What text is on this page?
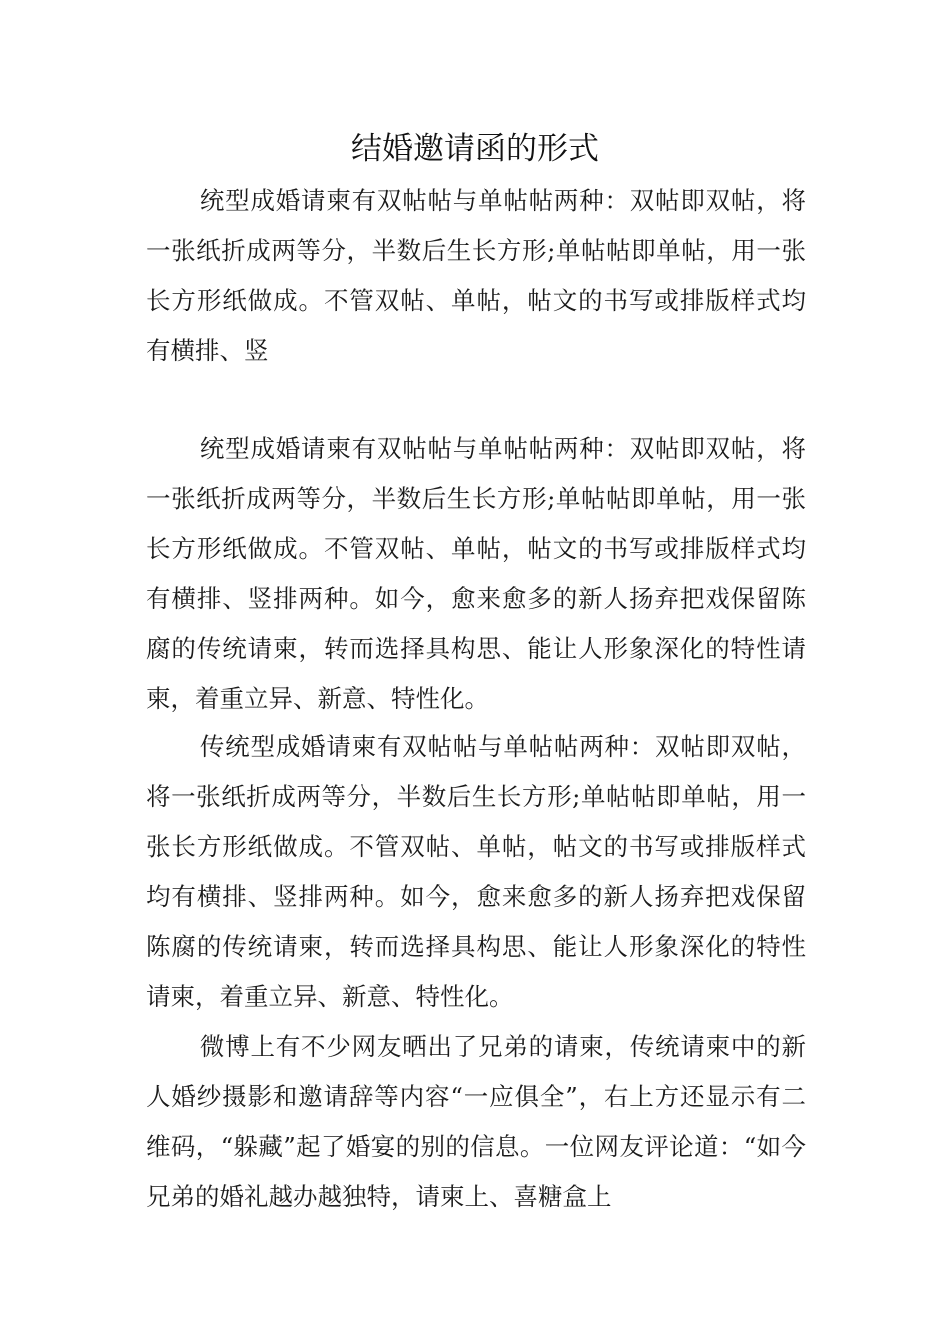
结婚邀请函的形式

统型成婚请柬有双帖帖与单帖帖两种：双帖即双帖，将一张纸折成两等分，半数后生长方形;单帖帖即单帖，用一张长方形纸做成。不管双帖、单帖，帖文的书写或排版样式均有横排、竖

统型成婚请柬有双帖帖与单帖帖两种：双帖即双帖，将一张纸折成两等分，半数后生长方形;单帖帖即单帖，用一张长方形纸做成。不管双帖、单帖，帖文的书写或排版样式均有横排、竖排两种。如今，愈来愈多的新人扬弃把戏保留陈腐的传统请柬，转而选择具构思、能让人形象深化的特性请柬，着重立异、新意、特性化。

传统型成婚请柬有双帖帖与单帖帖两种：双帖即双帖，将一张纸折成两等分，半数后生长方形;单帖帖即单帖，用一张长方形纸做成。不管双帖、单帖，帖文的书写或排版样式均有横排、竖排两种。如今，愈来愈多的新人扬弃把戏保留陈腐的传统请柬，转而选择具构思、能让人形象深化的特性请柬，着重立异、新意、特性化。

微博上有不少网友晒出了兄弟的请柬，传统请柬中的新人婚纱摄影和邀请辞等内容“一应俱全”，右上方还显示有二维码，“躲藏”起了婚宴的别的信息。一位网友评论道：“如今兄弟的婚礼越办越独特，请柬上、喜糖盒上
